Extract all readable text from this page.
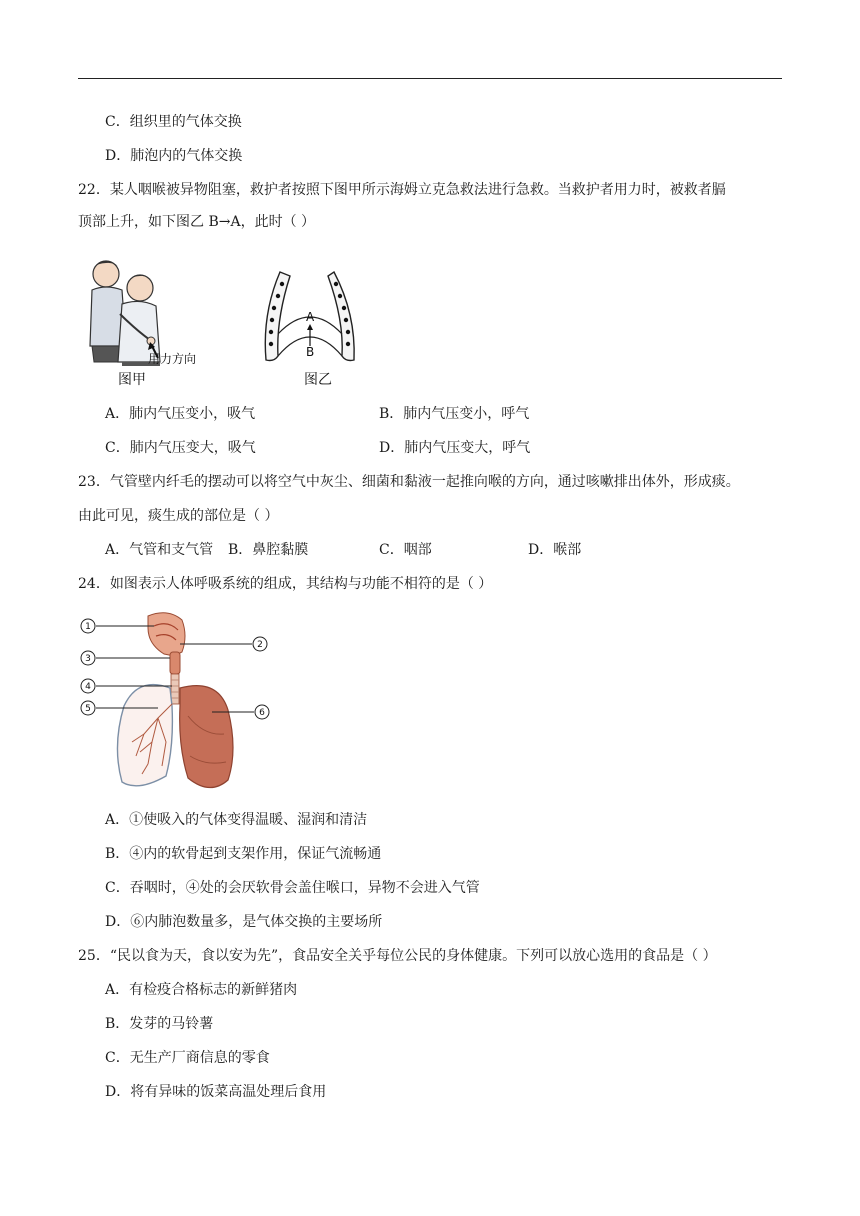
C．组织里的气体交换
D．肺泡内的气体交换
22．某人咽喉被异物阻塞，救护者按照下图甲所示海姆立克急救法进行急救。当救护者用力时，被救者膈
顶部上升，如下图乙 B→A，此时（ ）
用力方向
图甲
A
B
图乙
A．肺内气压变小，吸气	B．肺内气压变小，呼气
C．肺内气压变大，吸气	D．肺内气压变大，呼气
23．气管壁内纤毛的摆动可以将空气中灰尘、细菌和黏液一起推向喉的方向，通过咳嗽排出体外，形成痰。
由此可见，痰生成的部位是（ ）
A．气管和支气管 B．鼻腔黏膜	C．咽部	D．喉部
24．如图表示人体呼吸系统的组成，其结构与功能不相符的是（ ）
1
2
3
4
5	6
A．①使吸入的气体变得温暖、湿润和清洁
B．④内的软骨起到支架作用，保证气流畅通
C．吞咽时，④处的会厌软骨会盖住喉口，异物不会进入气管
D．⑥内肺泡数量多，是气体交换的主要场所
25．“民以食为天，食以安为先”，食品安全关乎每位公民的身体健康。下列可以放心选用的食品是（ ）
A．有检疫合格标志的新鲜猪肉
B．发芽的马铃薯
C．无生产厂商信息的零食
D．将有异味的饭菜高温处理后食用
